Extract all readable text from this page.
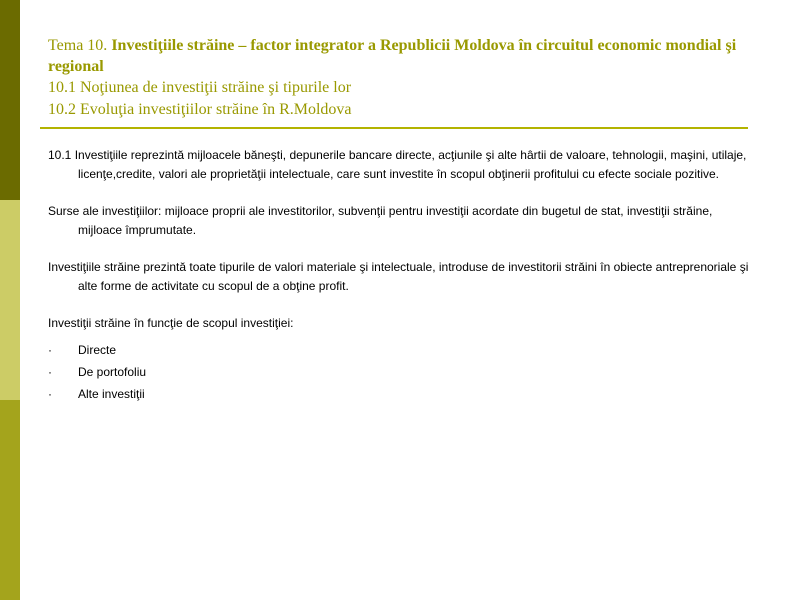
Tema 10. Investiţiile străine – factor integrator a Republicii Moldova în circuitul economic mondial şi regional
10.1 Noţiunea de investiţii străine şi tipurile lor
10.2 Evoluţia investiţiilor străine în R.Moldova

10.1 Investiţiile reprezintă mijloacele băneşti, depunerile bancare directe, acţiunile şi alte hârtii de valoare, tehnologii, maşini, utilaje, licenţe,credite, valori ale proprietăţii intelectuale, care sunt investite în scopul obţinerii profitului cu efecte sociale pozitive.

Surse ale investiţiilor: mijloace proprii ale investitorilor, subvenţii pentru investiţii acordate din bugetul de stat, investiţii străine, mijloace împrumutate.

Investiţiile străine prezintă toate tipurile de valori materiale şi intelectuale, introduse de investitorii străini în obiecte antreprenoriale şi alte forme de activitate cu scopul de a obţine profit.

Investiţii străine în funcţie de scopul investiţiei:

· Directe
· De portofoliu
· Alte investiţii
